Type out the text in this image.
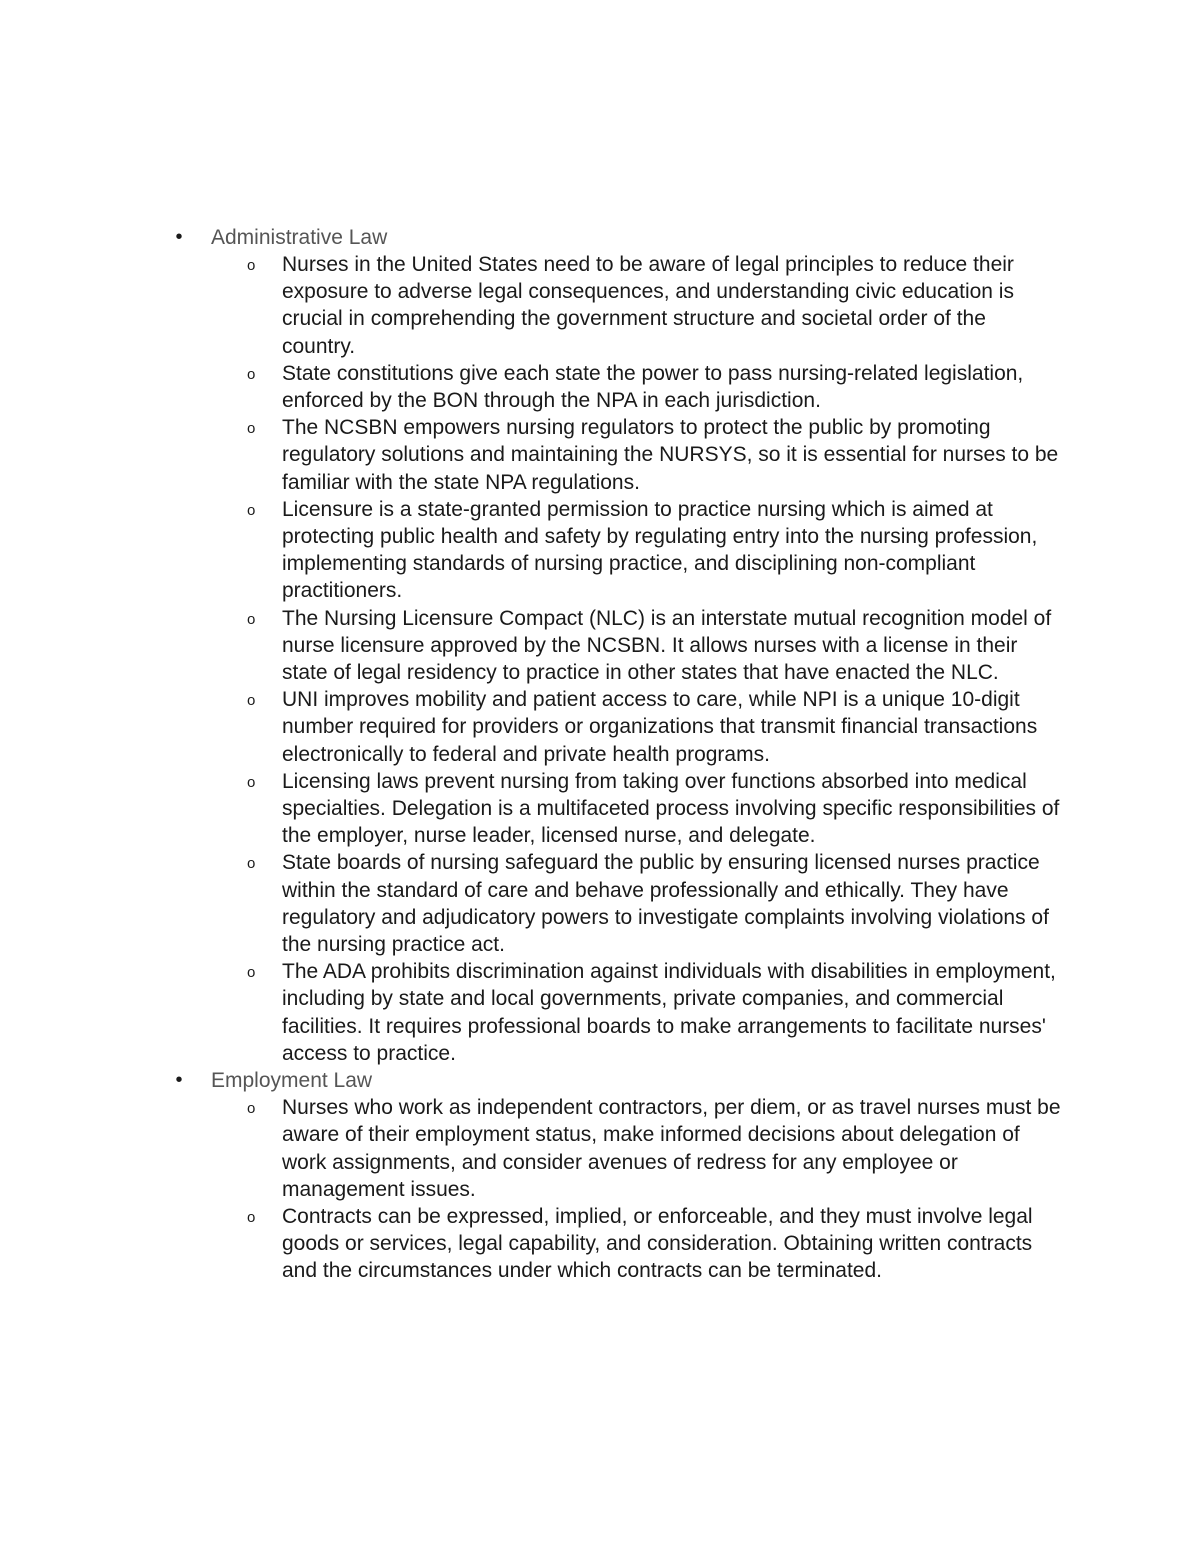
• Administrative Law
o Nurses in the United States need to be aware of legal principles to reduce their exposure to adverse legal consequences, and understanding civic education is crucial in comprehending the government structure and societal order of the country.
o State constitutions give each state the power to pass nursing-related legislation, enforced by the BON through the NPA in each jurisdiction.
o The NCSBN empowers nursing regulators to protect the public by promoting regulatory solutions and maintaining the NURSYS, so it is essential for nurses to be familiar with the state NPA regulations.
o Licensure is a state-granted permission to practice nursing which is aimed at protecting public health and safety by regulating entry into the nursing profession, implementing standards of nursing practice, and disciplining non-compliant practitioners.
o The Nursing Licensure Compact (NLC) is an interstate mutual recognition model of nurse licensure approved by the NCSBN. It allows nurses with a license in their state of legal residency to practice in other states that have enacted the NLC.
o UNI improves mobility and patient access to care, while NPI is a unique 10-digit number required for providers or organizations that transmit financial transactions electronically to federal and private health programs.
o Licensing laws prevent nursing from taking over functions absorbed into medical specialties. Delegation is a multifaceted process involving specific responsibilities of the employer, nurse leader, licensed nurse, and delegate.
o State boards of nursing safeguard the public by ensuring licensed nurses practice within the standard of care and behave professionally and ethically. They have regulatory and adjudicatory powers to investigate complaints involving violations of the nursing practice act.
o The ADA prohibits discrimination against individuals with disabilities in employment, including by state and local governments, private companies, and commercial facilities. It requires professional boards to make arrangements to facilitate nurses' access to practice.
• Employment Law
o Nurses who work as independent contractors, per diem, or as travel nurses must be aware of their employment status, make informed decisions about delegation of work assignments, and consider avenues of redress for any employee or management issues.
o Contracts can be expressed, implied, or enforceable, and they must involve legal goods or services, legal capability, and consideration. Obtaining written contracts and the circumstances under which contracts can be terminated.
